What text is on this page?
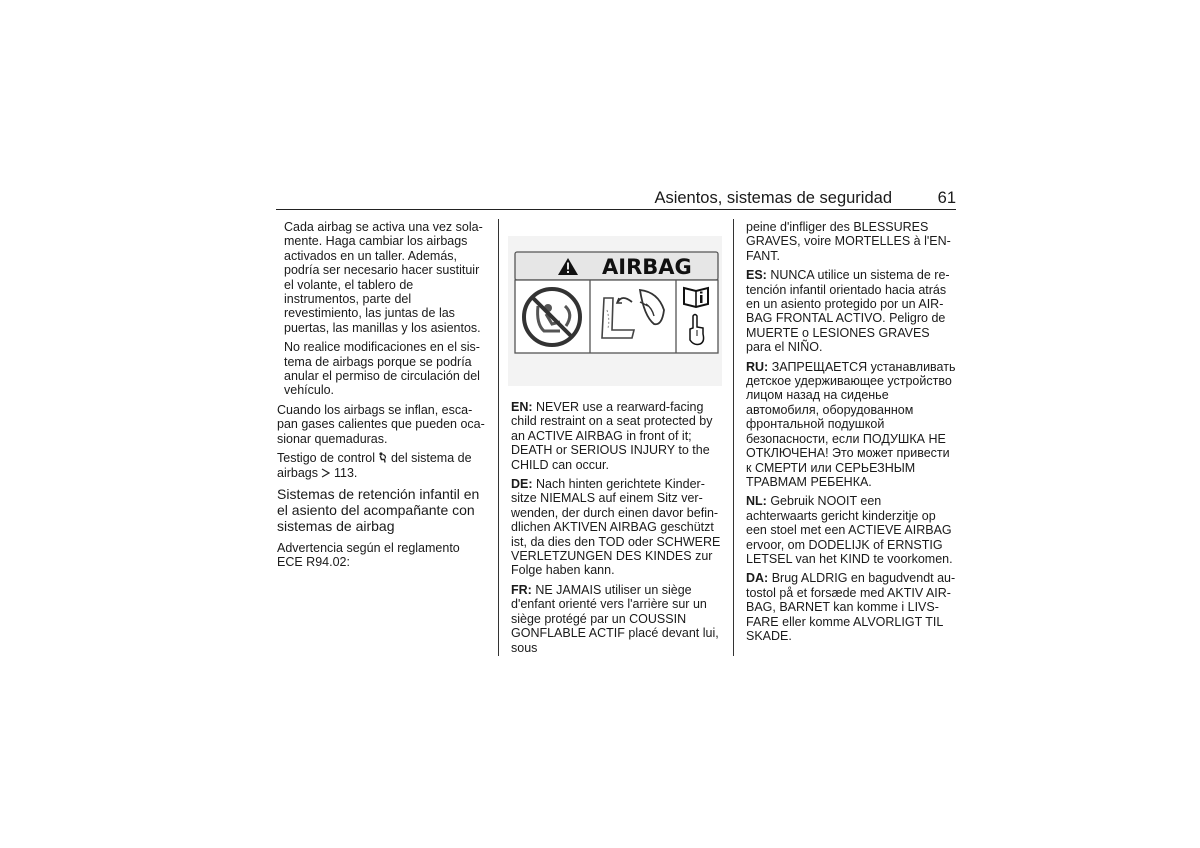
Asientos, sistemas de seguridad	61

Cada airbag se activa una vez solamente. Haga cambiar los airbags activados en un taller. Además, podría ser necesario hacer sustituir el volante, el tablero de instrumentos, parte del revestimiento, las juntas de las puertas, las manillas y los asientos.

No realice modificaciones en el sistema de airbags porque se podría anular el permiso de circulación del vehículo.

Cuando los airbags se inflan, escapan gases calientes que pueden ocasionar quemaduras.

Testigo de control del sistema de airbags 113.

Sistemas de retención infantil en el asiento del acompañante con sistemas de airbag

Advertencia según el reglamento ECE R94.02:

AIRBAG

EN: NEVER use a rearward-facing child restraint on a seat protected by an ACTIVE AIRBAG in front of it; DEATH or SERIOUS INJURY to the CHILD can occur.

DE: Nach hinten gerichtete Kindersitze NIEMALS auf einem Sitz verwenden, der durch einen davor befindlichen AKTIVEN AIRBAG geschützt ist, da dies den TOD oder SCHWERE VERLETZUNGEN DES KINDES zur Folge haben kann.

FR: NE JAMAIS utiliser un siège d'enfant orienté vers l'arrière sur un siège protégé par un COUSSIN GONFLABLE ACTIF placé devant lui, sous

peine d'infliger des BLESSURES GRAVES, voire MORTELLES à l'ENFANT.

ES: NUNCA utilice un sistema de retención infantil orientado hacia atrás en un asiento protegido por un AIRBAG FRONTAL ACTIVO. Peligro de MUERTE o LESIONES GRAVES para el NIÑO.

RU: ЗАПРЕЩАЕТСЯ устанавливать детское удерживающее устройство лицом назад на сиденье автомобиля, оборудованном фронтальной подушкой безопасности, если ПОДУШКА НЕ ОТКЛЮЧЕНА! Это может привести к СМЕРТИ или СЕРЬЕЗНЫМ ТРАВМАМ РЕБЕНКА.

NL: Gebruik NOOIT een achterwaarts gericht kinderzitje op een stoel met een ACTIEVE AIRBAG ervoor, om DODELIJK of ERNSTIG LETSEL van het KIND te voorkomen.

DA: Brug ALDRIG en bagudvendt autostol på et forsæde med AKTIV AIRBAG, BARNET kan komme i LIVSFARE eller komme ALVORLIGT TIL SKADE.
